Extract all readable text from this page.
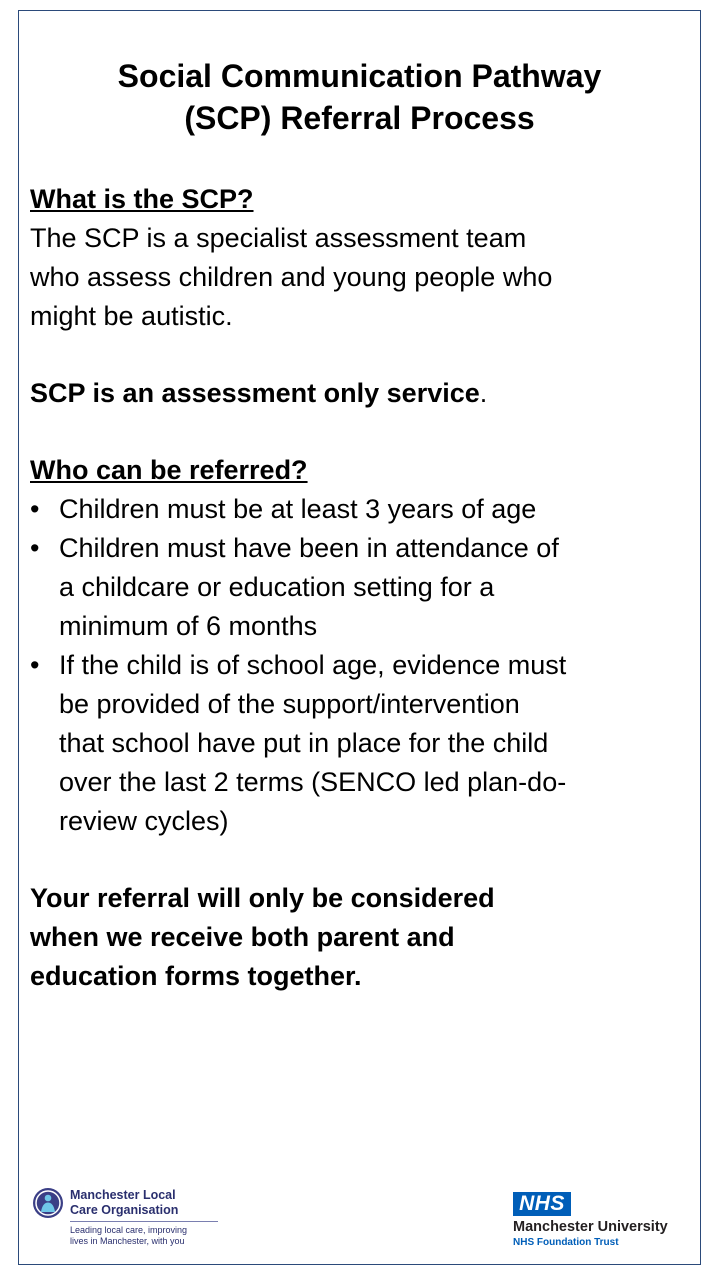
Social Communication Pathway
(SCP) Referral Process
What is the SCP?
The SCP is a specialist assessment team
who assess children and young people who
might be autistic.
SCP is an assessment only service.
Who can be referred?
• Children must be at least 3 years of age
• Children must have been in attendance of
a childcare or education setting for a
minimum of 6 months
• If the child is of school age, evidence must
be provided of the support/intervention
that school have put in place for the child
over the last 2 terms (SENCO led plan-do-
review cycles)
Your referral will only be considered
when we receive both parent and
education forms together.
Manchester Local
Care Organisation
Leading local care, improving
lives in Manchester, with you
NHS
Manchester University
NHS Foundation Trust
